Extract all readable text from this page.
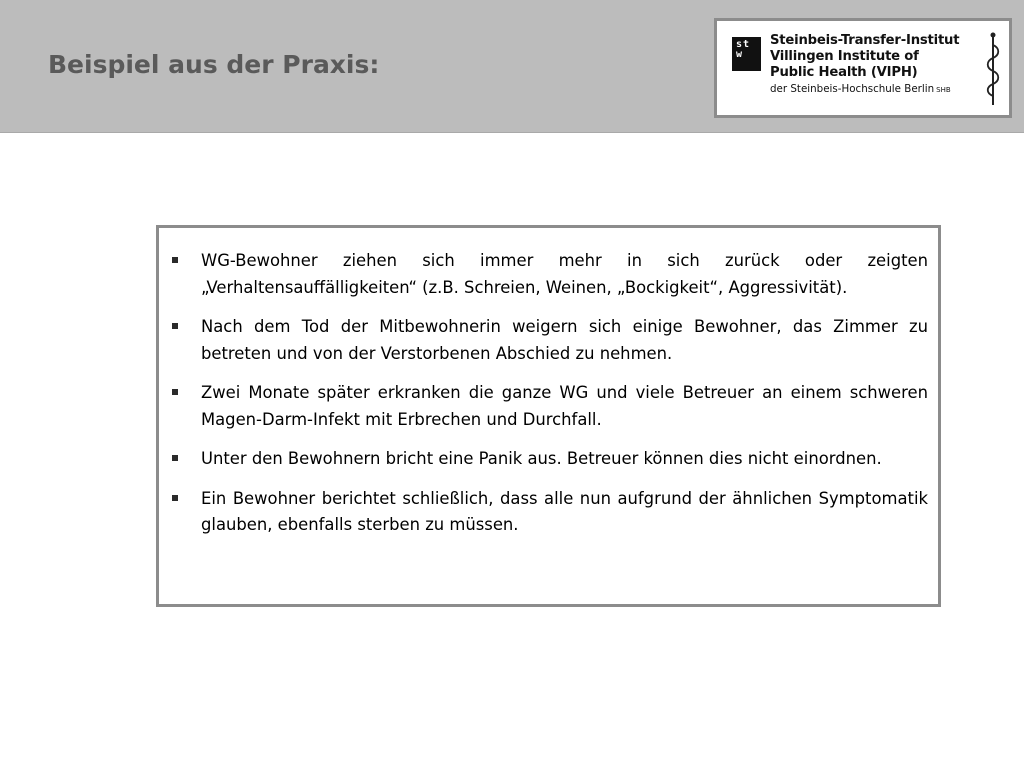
Beispiel aus der Praxis:
st
w
Steinbeis-Transfer-Institut
Villingen Institute of
Public Health (VIPH)
der Steinbeis-Hochschule Berlin SHB
WG-Bewohner ziehen sich immer mehr in sich zurück oder zeigten „Verhaltensauffälligkeiten“ (z.B. Schreien, Weinen, „Bockigkeit“, Aggressivität).
Nach dem Tod der Mitbewohnerin weigern sich einige Bewohner, das Zimmer zu betreten und von der Verstorbenen Abschied zu nehmen.
Zwei Monate später erkranken die ganze WG und viele Betreuer an einem schweren Magen-Darm-Infekt mit Erbrechen und Durchfall.
Unter den Bewohnern bricht eine Panik aus. Betreuer können dies nicht einordnen.
Ein Bewohner berichtet schließlich, dass alle nun aufgrund der ähnlichen Symptomatik glauben, ebenfalls sterben zu müssen.
